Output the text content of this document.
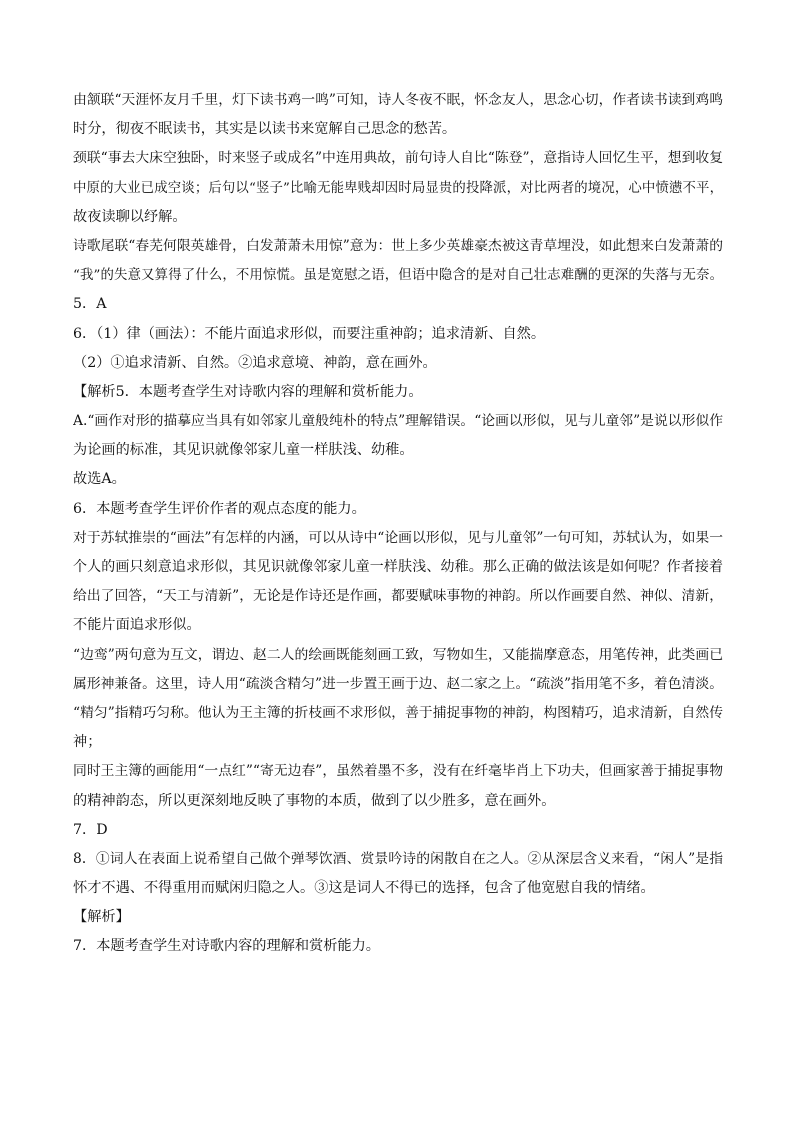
由颔联“天涯怀友月千里，灯下读书鸡一鸣”可知，诗人冬夜不眠，怀念友人，思念心切，作者读书读到鸡鸣
时分，彻夜不眠读书，其实是以读书来宽解自己思念的愁苦。
颈联“事去大床空独卧，时来竖子或成名”中连用典故，前句诗人自比“陈登”，意指诗人回忆生平，想到收复
中原的大业已成空谈；后句以“竖子”比喻无能卑贱却因时局显贵的投降派，对比两者的境况，心中愤懑不平，
故夜读聊以纾解。
诗歌尾联“春芜何限英雄骨，白发萧萧未用惊”意为：世上多少英雄豪杰被这青草埋没，如此想来白发萧萧的
“我”的失意又算得了什么，不用惊慌。虽是宽慰之语，但语中隐含的是对自己壮志难酬的更深的失落与无奈。
5．A
6．（1）律（画法）：不能片面追求形似，而要注重神韵；追求清新、自然。
（2）①追求清新、自然。②追求意境、神韵，意在画外。
【解析5．本题考查学生对诗歌内容的理解和赏析能力。
A.“画作对形的描摹应当具有如邻家儿童般纯朴的特点”理解错误。“论画以形似，见与儿童邻”是说以形似作
为论画的标准，其见识就像邻家儿童一样肤浅、幼稚。
故选A。
6．本题考查学生评价作者的观点态度的能力。
对于苏轼推崇的“画法”有怎样的内涵，可以从诗中“论画以形似，见与儿童邻”一句可知，苏轼认为，如果一
个人的画只刻意追求形似，其见识就像邻家儿童一样肤浅、幼稚。那么正确的做法该是如何呢？作者接着
给出了回答，“天工与清新”，无论是作诗还是作画，都要赋味事物的神韵。所以作画要自然、神似、清新，
不能片面追求形似。
“边鸾”两句意为互文，谓边、赵二人的绘画既能刻画工致，写物如生，又能揣摩意态，用笔传神，此类画已
属形神兼备。这里，诗人用“疏淡含精匀”进一步置王画于边、赵二家之上。“疏淡”指用笔不多，着色清淡。
“精匀”指精巧匀称。他认为王主簿的折枝画不求形似，善于捕捉事物的神韵，构图精巧，追求清新，自然传
神；
同时王主簿的画能用“一点红”“寄无边春”，虽然着墨不多，没有在纤毫毕肖上下功夫，但画家善于捕捉事物
的精神韵态，所以更深刻地反映了事物的本质，做到了以少胜多，意在画外。
7．D
8．①词人在表面上说希望自己做个弹琴饮酒、赏景吟诗的闲散自在之人。②从深层含义来看，“闲人”是指
怀才不遇、不得重用而赋闲归隐之人。③这是词人不得已的选择，包含了他宽慰自我的情绪。
【解析】
7．本题考查学生对诗歌内容的理解和赏析能力。
